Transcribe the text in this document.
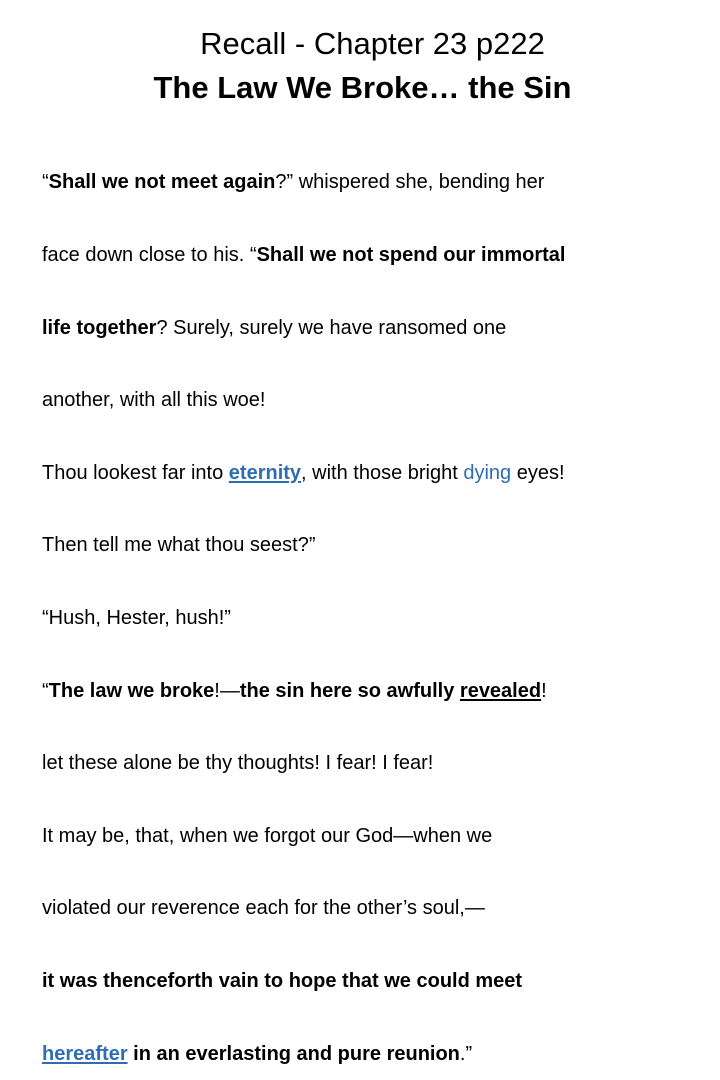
Recall - Chapter 23 p222
The Law We Broke… the Sin

“Shall we not meet again?” whispered she, bending her

face down close to his. “Shall we not spend our immortal

life together? Surely, surely we have ransomed one

another, with all this woe!

Thou lookest far into eternity, with those bright dying eyes!

Then tell me what thou seest?”

“Hush, Hester, hush!”

“The law we broke!—the sin here so awfully revealed!

let these alone be thy thoughts! I fear! I fear!

It may be, that, when we forgot our God—when we

violated our reverence each for the other’s soul,—

it was thenceforth vain to hope that we could meet

hereafter in an everlasting and pure reunion.”
